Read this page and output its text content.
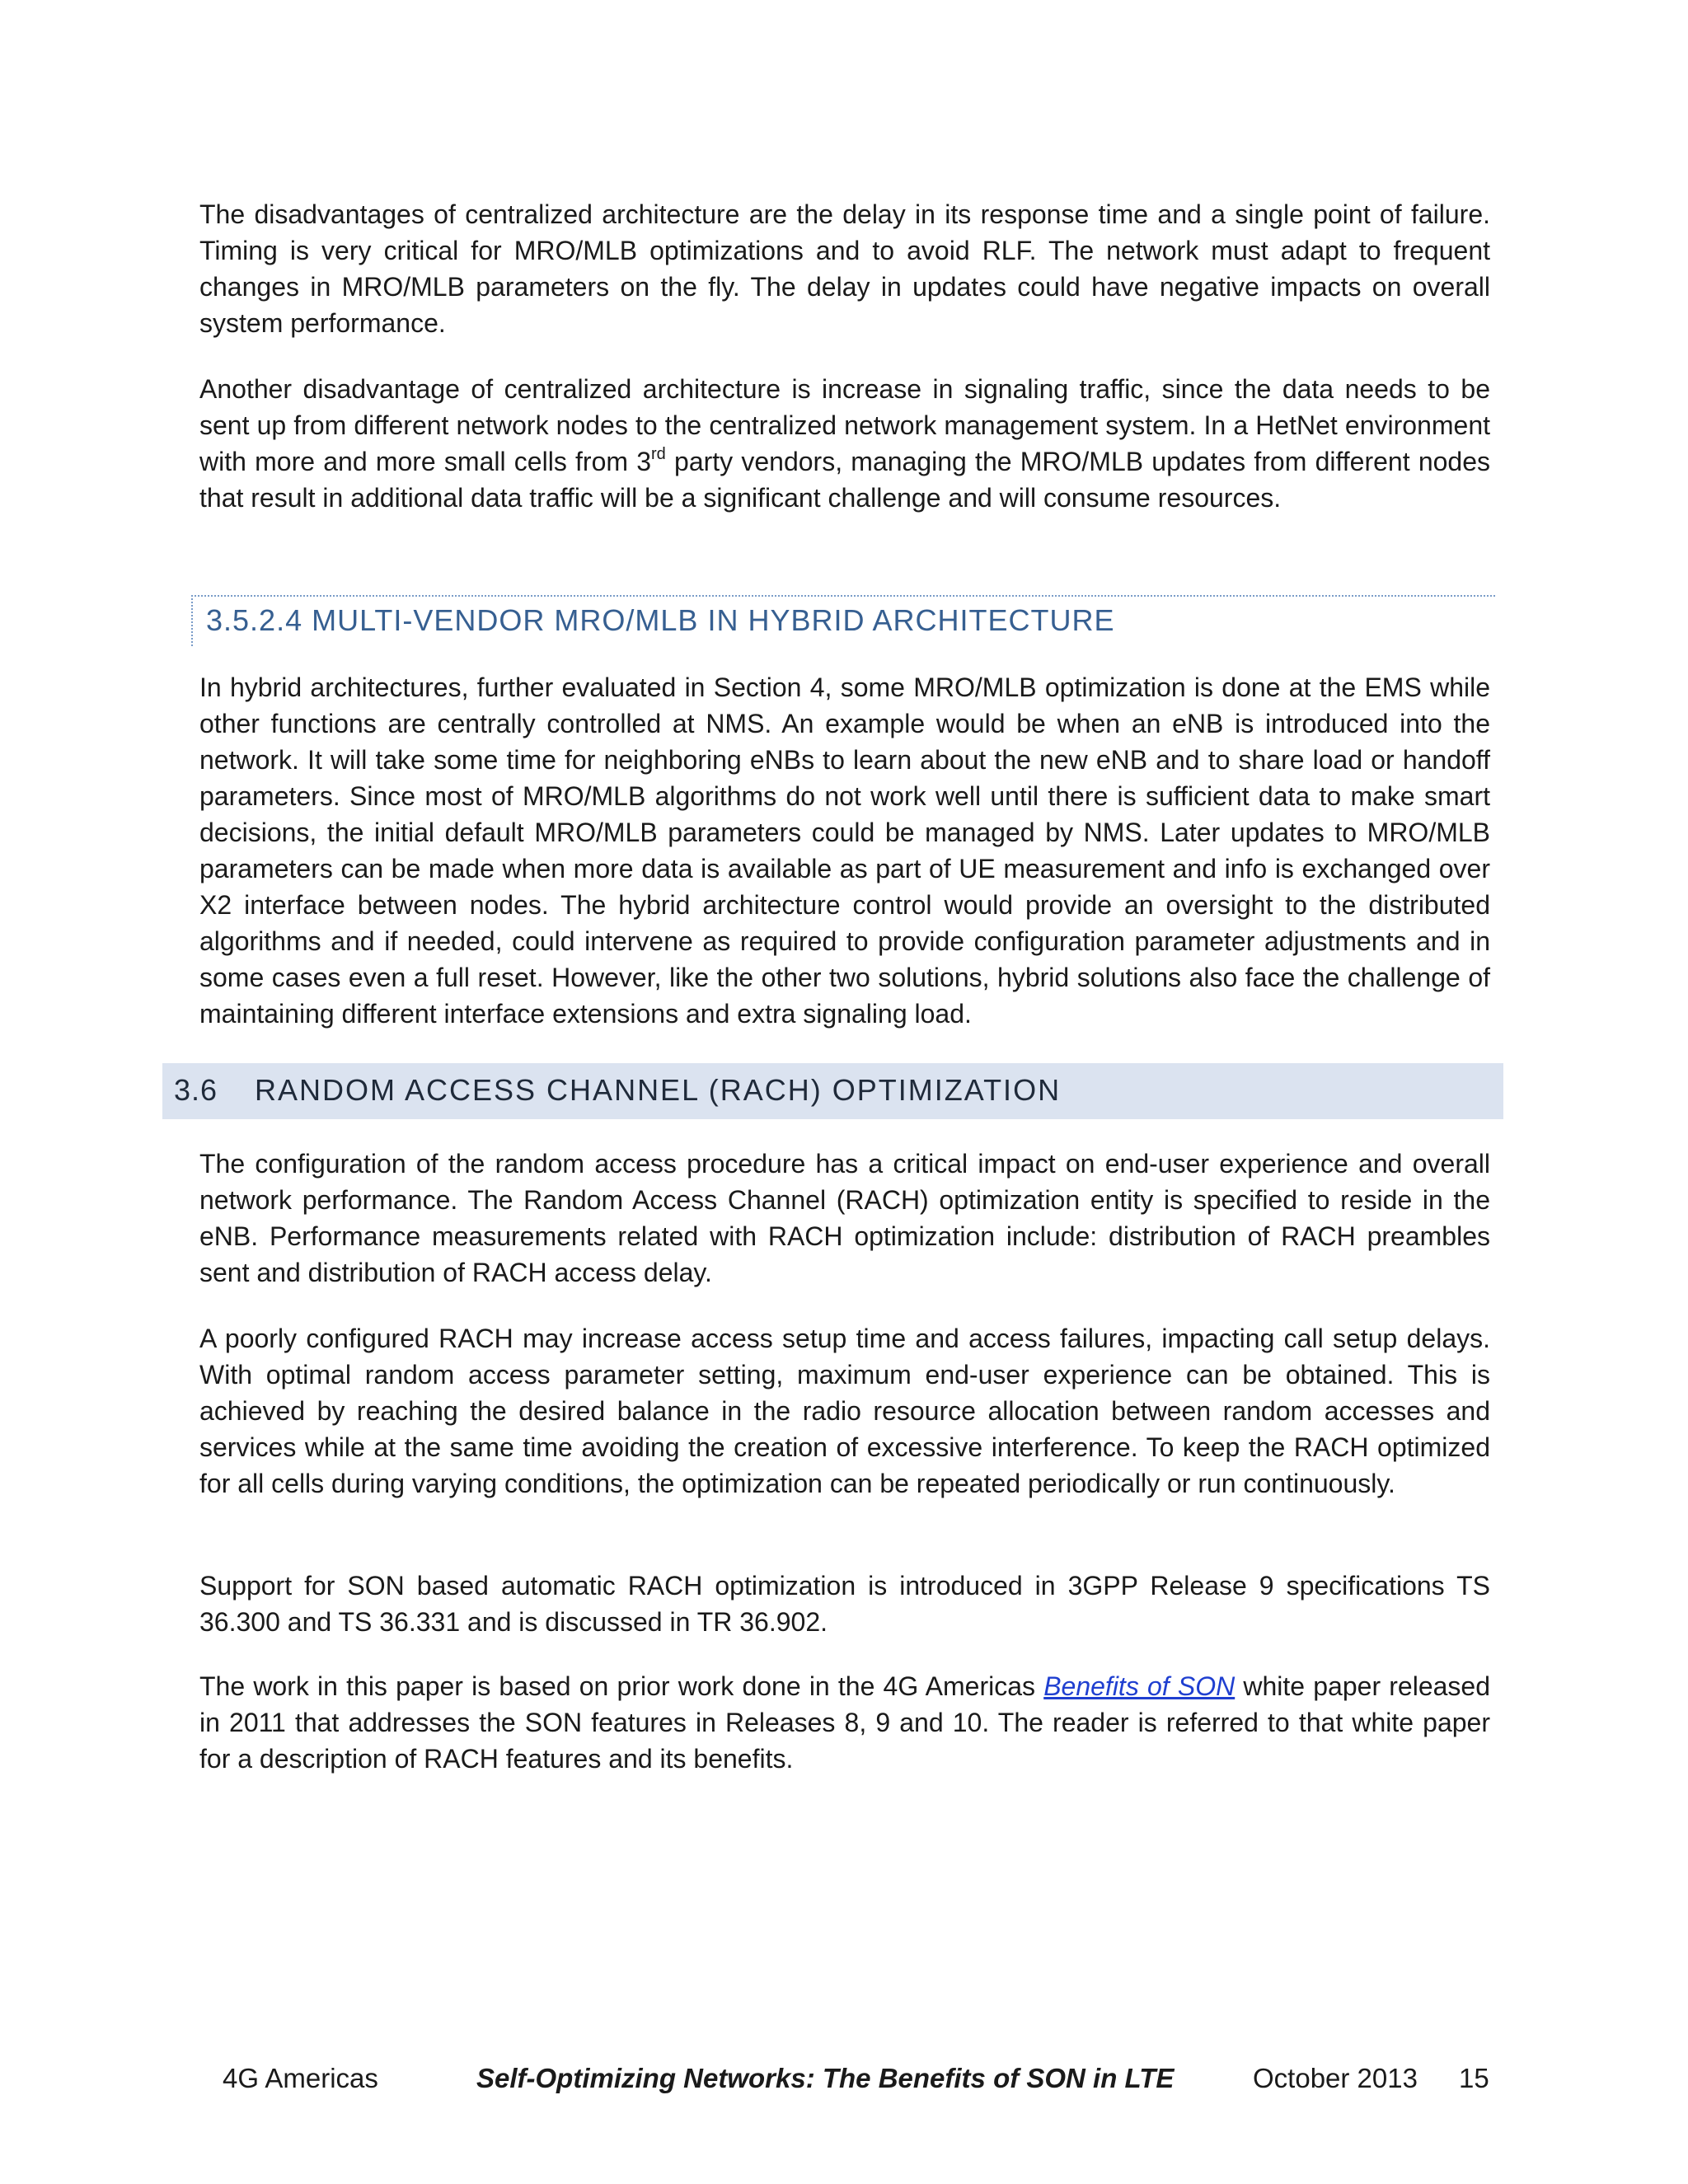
The disadvantages of centralized architecture are the delay in its response time and a single point of failure. Timing is very critical for MRO/MLB optimizations and to avoid RLF. The network must adapt to frequent changes in MRO/MLB parameters on the fly. The delay in updates could have negative impacts on overall system performance.

Another disadvantage of centralized architecture is increase in signaling traffic, since the data needs to be sent up from different network nodes to the centralized network management system. In a HetNet environment with more and more small cells from 3rd party vendors, managing the MRO/MLB updates from different nodes that result in additional data traffic will be a significant challenge and will consume resources.

3.5.2.4 MULTI-VENDOR MRO/MLB IN HYBRID ARCHITECTURE

In hybrid architectures, further evaluated in Section 4, some MRO/MLB optimization is done at the EMS while other functions are centrally controlled at NMS. An example would be when an eNB is introduced into the network. It will take some time for neighboring eNBs to learn about the new eNB and to share load or handoff parameters. Since most of MRO/MLB algorithms do not work well until there is sufficient data to make smart decisions, the initial default MRO/MLB parameters could be managed by NMS. Later updates to MRO/MLB parameters can be made when more data is available as part of UE measurement and info is exchanged over X2 interface between nodes. The hybrid architecture control would provide an oversight to the distributed algorithms and if needed, could intervene as required to provide configuration parameter adjustments and in some cases even a full reset. However, like the other two solutions, hybrid solutions also face the challenge of maintaining different interface extensions and extra signaling load.

3.6 RANDOM ACCESS CHANNEL (RACH) OPTIMIZATION

The configuration of the random access procedure has a critical impact on end-user experience and overall network performance. The Random Access Channel (RACH) optimization entity is specified to reside in the eNB. Performance measurements related with RACH optimization include: distribution of RACH preambles sent and distribution of RACH access delay.

A poorly configured RACH may increase access setup time and access failures, impacting call setup delays. With optimal random access parameter setting, maximum end-user experience can be obtained. This is achieved by reaching the desired balance in the radio resource allocation between random accesses and services while at the same time avoiding the creation of excessive interference. To keep the RACH optimized for all cells during varying conditions, the optimization can be repeated periodically or run continuously.

Support for SON based automatic RACH optimization is introduced in 3GPP Release 9 specifications TS 36.300 and TS 36.331 and is discussed in TR 36.902.

The work in this paper is based on prior work done in the 4G Americas Benefits of SON white paper released in 2011 that addresses the SON features in Releases 8, 9 and 10. The reader is referred to that white paper for a description of RACH features and its benefits.

4G Americas	Self-Optimizing Networks: The Benefits of SON in LTE	October 2013 15
